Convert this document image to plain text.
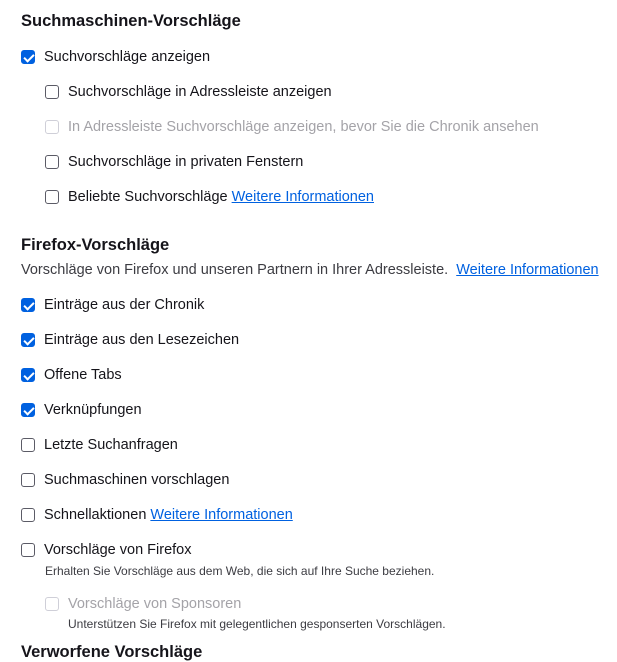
Suchmaschinen-Vorschläge
Suchvorschläge anzeigen
Suchvorschläge in Adressleiste anzeigen
In Adressleiste Suchvorschläge anzeigen, bevor Sie die Chronik ansehen
Suchvorschläge in privaten Fenstern
Beliebte Suchvorschläge Weitere Informationen
Firefox-Vorschläge
Vorschläge von Firefox und unseren Partnern in Ihrer Adressleiste. Weitere Informationen
Einträge aus der Chronik
Einträge aus den Lesezeichen
Offene Tabs
Verknüpfungen
Letzte Suchanfragen
Suchmaschinen vorschlagen
Schnellaktionen Weitere Informationen
Vorschläge von Firefox
Erhalten Sie Vorschläge aus dem Web, die sich auf Ihre Suche beziehen.
Vorschläge von Sponsoren
Unterstützen Sie Firefox mit gelegentlichen gesponserten Vorschlägen.
Verworfene Vorschläge
